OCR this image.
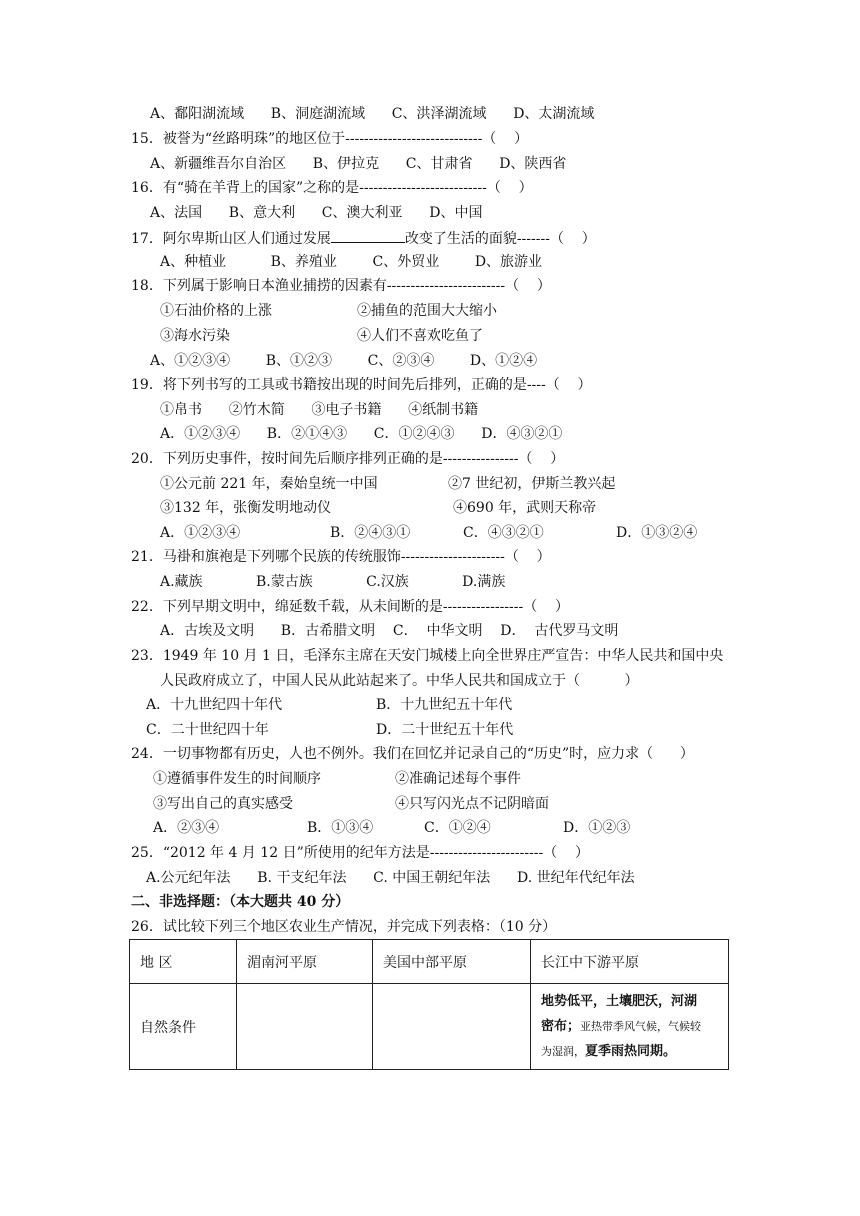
A、鄱阳湖流域      B、洞庭湖流域      C、洪泽湖流域      D、太湖流域
15．被誉为“丝路明珠”的地区位于-----------------------------（    ）
A、新疆维吾尔自治区      B、伊拉克      C、甘肃省      D、陕西省
16．有“骑在羊背上的国家”之称的是---------------------------（    ）
A、法国      B、意大利      C、澳大利亚      D、中国
17．阿尔卑斯山区人们通过发展	改变了生活的面貌-------（    ）
A、种植业          B、养殖业        C、外贸业        D、旅游业
18．下列属于影响日本渔业捕捞的因素有-------------------------（    ）
①石油价格的上涨	②捕鱼的范围大大缩小
③海水污染	④人们不喜欢吃鱼了
A、①②③④        B、①②③        C、②③④        D、①②④
19．将下列书写的工具或书籍按出现的时间先后排列，正确的是----（    ）
①帛书      ②竹木简      ③电子书籍      ④纸制书籍
A．①②③④      B．②①④③      C．①②④③      D．④③②①
20．下列历史事件，按时间先后顺序排列正确的是----------------（    ）
①公元前 221 年，秦始皇统一中国	②7 世纪初，伊斯兰教兴起
③132 年，张衡发明地动仪	④690 年，武则天称帝
A．①②③④	B．②④③①	C．④③②①	D．①③②④
21．马褂和旗袍是下列哪个民族的传统服饰----------------------（    ）
A.藏族            B.蒙古族            C.汉族            D.满族
22．下列早期文明中，绵延数千载，从未间断的是-----------------（    ）
A．古埃及文明      B．古希腊文明    C．  中华文明    D．  古代罗马文明
23．1949 年 10 月 1 日，毛泽东主席在天安门城楼上向全世界庄严宣告：中华人民共和国中央
人民政府成立了，中国人民从此站起来了。中华人民共和国成立于（          ）
A．十九世纪四十年代	B．十九世纪五十年代
C．二十世纪四十年	D．二十世纪五十年代
24．一切事物都有历史，人也不例外。我们在回忆并记录自己的“历史”时，应力求（      ）
①遵循事件发生的时间顺序	②准确记述每个事件
③写出自己的真实感受	④只写闪光点不记阴暗面
A．②③④	B．①③④	C．①②④	D．①②③
25．“2012 年 4 月 12 日”所使用的纪年方法是------------------------（    ）
A.公元纪年法      B. 干支纪年法      C. 中国王朝纪年法      D. 世纪年代纪年法
二、非选择题：（本大题共 40 分）
26．试比较下列三个地区农业生产情况，并完成下列表格：（10 分）
地 区	湄南河平原	美国中部平原	长江中下游平原
自然条件			地势低平，土壤肥沃，河湖
密布；亚热带季风气候，气候较
为湿润，夏季雨热同期。
